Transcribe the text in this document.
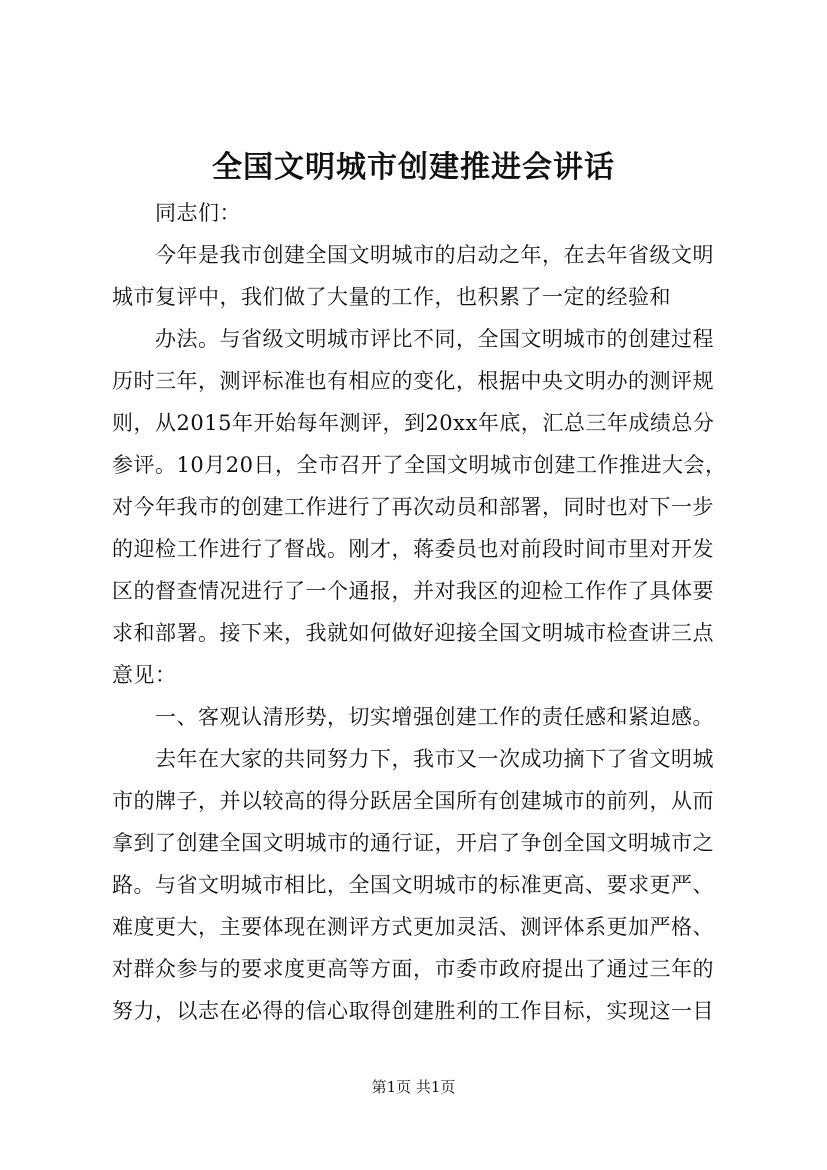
全国文明城市创建推进会讲话
同志们：
今年是我市创建全国文明城市的启动之年，在去年省级文明
城市复评中，我们做了大量的工作，也积累了一定的经验和
办法。与省级文明城市评比不同，全国文明城市的创建过程
历时三年，测评标准也有相应的变化，根据中央文明办的测评规
则，从2015年开始每年测评，到20xx年底，汇总三年成绩总分
参评。10月20日，全市召开了全国文明城市创建工作推进大会，
对今年我市的创建工作进行了再次动员和部署，同时也对下一步
的迎检工作进行了督战。刚才，蒋委员也对前段时间市里对开发
区的督查情况进行了一个通报，并对我区的迎检工作作了具体要
求和部署。接下来，我就如何做好迎接全国文明城市检查讲三点
意见：
一、客观认清形势，切实增强创建工作的责任感和紧迫感。
去年在大家的共同努力下，我市又一次成功摘下了省文明城
市的牌子，并以较高的得分跃居全国所有创建城市的前列，从而
拿到了创建全国文明城市的通行证，开启了争创全国文明城市之
路。与省文明城市相比，全国文明城市的标准更高、要求更严、
难度更大，主要体现在测评方式更加灵活、测评体系更加严格、
对群众参与的要求度更高等方面，市委市政府提出了通过三年的
努力，以志在必得的信心取得创建胜利的工作目标，实现这一目
第1页 共1页
